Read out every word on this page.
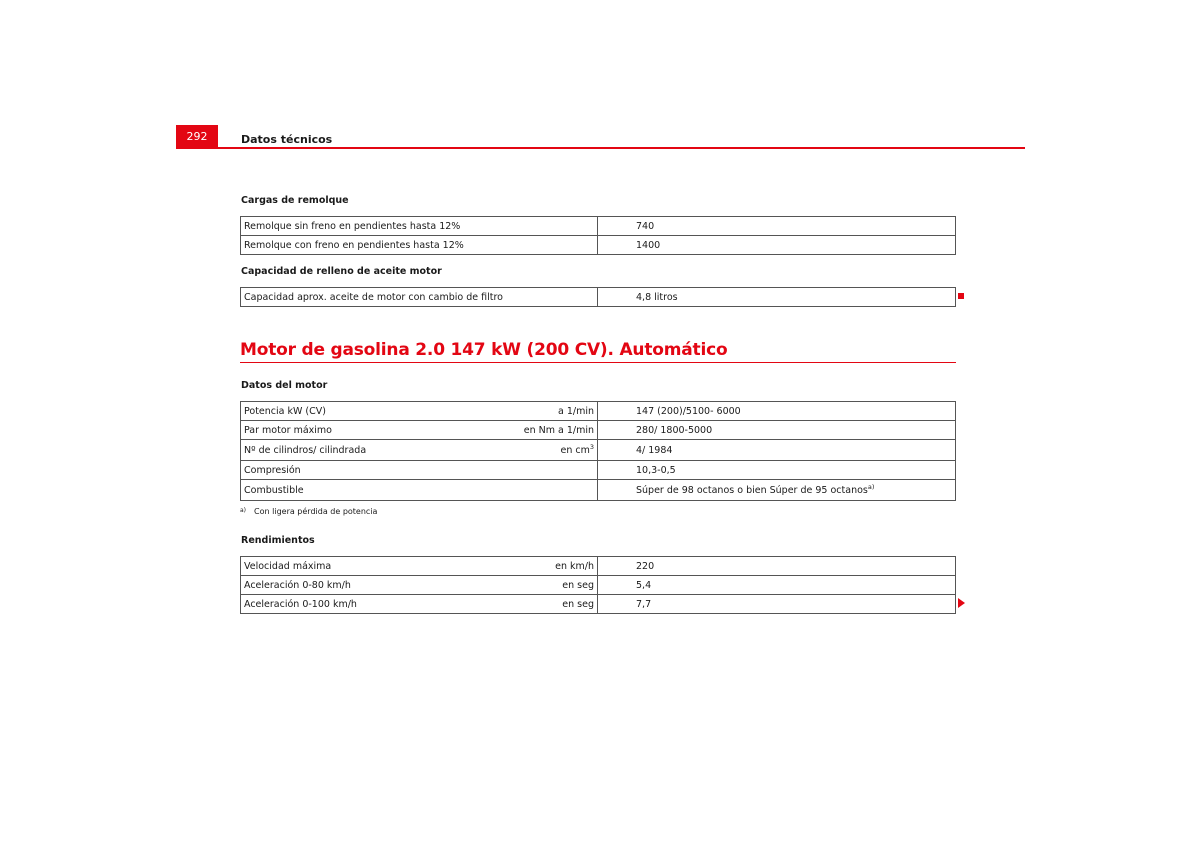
292	Datos técnicos
Cargas de remolque
Remolque sin freno en pendientes hasta 12%	740
Remolque con freno en pendientes hasta 12%	1400
Capacidad de relleno de aceite motor
Capacidad aprox. aceite de motor con cambio de filtro	4,8 litros
Motor de gasolina 2.0 147 kW (200 CV). Automático
Datos del motor
Potencia kW (CV) a 1/min	147 (200)/5100- 6000

Par motor máximo en Nm a 1/min	280/ 1800-5000

Nº de cilindros/ cilindrada en $cm^3$	4/ 1984

Compresión	10,3-0,5

Combustible	Súper de 98 octanos o bien Súper de 95 octanos$^{a)}$
$^{a)}$ Con ligera pérdida de potencia
Rendimientos
Velocidad máxima en km/h	220

Aceleración 0-80 km/h en seg	5,4

Aceleración 0-100 km/h en seg	7,7
